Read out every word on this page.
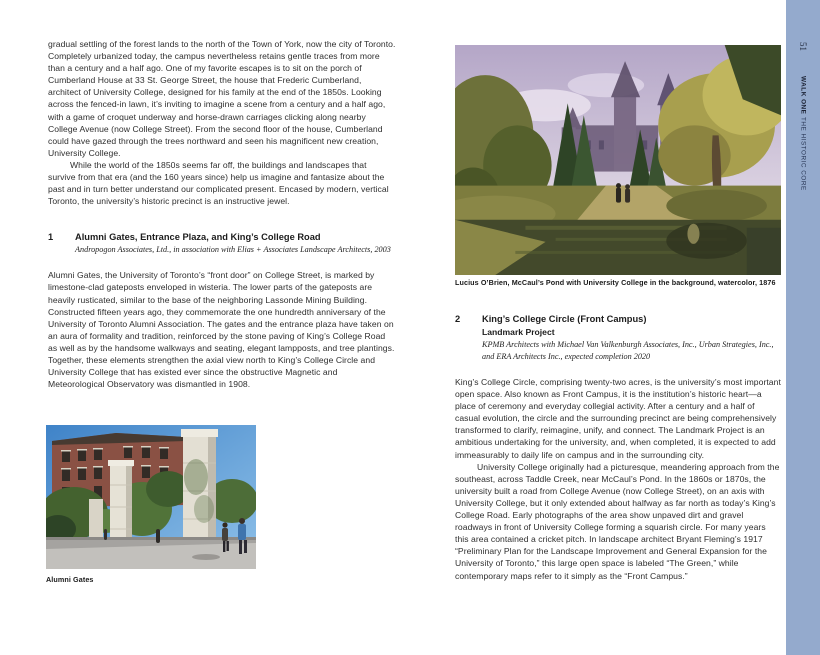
gradual settling of the forest lands to the north of the Town of York, now the city of Toronto. Completely urbanized today, the campus nevertheless retains gentle traces from more than a century and a half ago. One of my favorite escapes is to sit on the porch of Cumberland House at 33 St. George Street, the house that Frederic Cumberland, architect of University College, designed for his family at the end of the 1850s. Looking across the fenced-in lawn, it’s inviting to imagine a scene from a century and a half ago, with a game of croquet underway and horse-drawn carriages clicking along nearby College Avenue (now College Street). From the second floor of the house, Cumberland could have gazed through the trees northward and seen his magnificent new creation, University College.

While the world of the 1850s seems far off, the buildings and landscapes that survive from that era (and the 160 years since) help us imagine and fantasize about the past and in turn better understand our complicated present. Encased by modern, vertical Toronto, the university’s historic precinct is an instructive jewel.

1	Alumni Gates, Entrance Plaza, and King’s College Road
Andropogon Associates, Ltd., in association with Elias + Associates Landscape Architects, 2003

Alumni Gates, the University of Toronto’s “front door” on College Street, is marked by limestone-clad gateposts enveloped in wisteria. The lower parts of the gateposts are heavily rusticated, similar to the base of the neighboring Lassonde Mining Building. Constructed fifteen years ago, they commemorate the one hundredth anniversary of the University of Toronto Alumni Association. The gates and the entrance plaza have taken on an aura of formality and tradition, reinforced by the stone paving of King’s College Road as well as by the handsome walkways and seating, elegant lampposts, and tree plantings. Together, these elements strengthen the axial view north to King’s College Circle and University College that has existed ever since the obstructive Magnetic and Meteorological Observatory was dismantled in 1908.

Alumni Gates
Lucius O’Brien, McCaul’s Pond with University College in the background, watercolor, 1876
2	King’s College Circle (Front Campus)
Landmark Project
KPMB Architects with Michael Van Valkenburgh Associates, Inc., Urban Strategies, Inc., and ERA Architects Inc., expected completion 2020

King’s College Circle, comprising twenty-two acres, is the university’s most important open space. Also known as Front Campus, it is the institution’s historic heart—a place of ceremony and everyday collegial activity. After a century and a half of casual evolution, the circle and the surrounding precinct are being comprehensively transformed to clarify, reimagine, unify, and connect. The Landmark Project is an ambitious undertaking for the university, and, when completed, it is expected to add immeasurably to daily life on campus and in the surrounding city.

University College originally had a picturesque, meandering approach from the southeast, across Taddle Creek, near McCaul’s Pond. In the 1860s or 1870s, the university built a road from College Avenue (now College Street), on an axis with University College, but it only extended about halfway as far north as today’s King’s College Road. Early photographs of the area show unpaved dirt and gravel roadways in front of University College forming a squarish circle. For many years this area contained a cricket pitch. In landscape architect Bryant Fleming’s 1917 “Preliminary Plan for the Landscape Improvement and General Expansion for the University of Toronto,” this large open space is labeled “The Green,” while contemporary maps refer to it simply as the “Front Campus.”

51
WALK ONE
THE HISTORIC CORE
